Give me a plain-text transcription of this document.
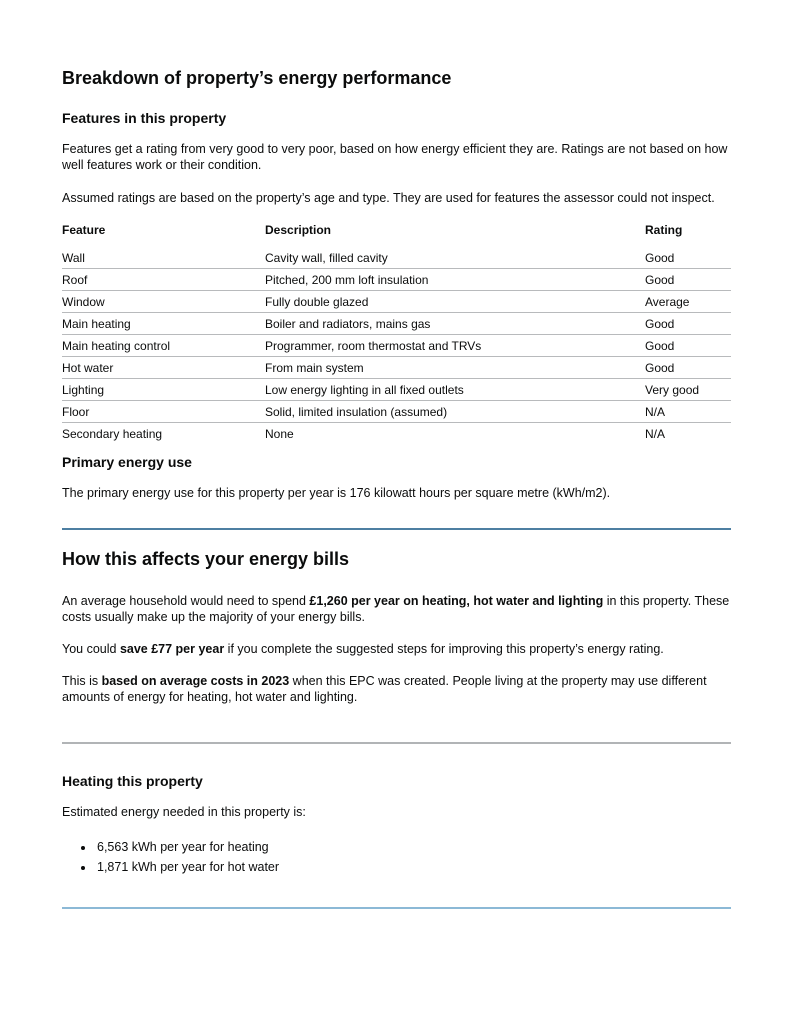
Breakdown of property’s energy performance
Features in this property

Features get a rating from very good to very poor, based on how energy efficient they are. Ratings are not based on how well features work or their condition.

Assumed ratings are based on the property’s age and type. They are used for features the assessor could not inspect.

Feature	Description	Rating
Wall	Cavity wall, filled cavity	Good
Roof	Pitched, 200 mm loft insulation	Good
Window	Fully double glazed	Average
Main heating	Boiler and radiators, mains gas	Good
Main heating control	Programmer, room thermostat and TRVs	Good
Hot water	From main system	Good
Lighting	Low energy lighting in all fixed outlets	Very good
Floor	Solid, limited insulation (assumed)	N/A
Secondary heating	None	N/A
Primary energy use

The primary energy use for this property per year is 176 kilowatt hours per square metre (kWh/m2).

How this affects your energy bills

An average household would need to spend £1,260 per year on heating, hot water and lighting in this property. These costs usually make up the majority of your energy bills.

You could save £77 per year if you complete the suggested steps for improving this property’s energy rating.

This is based on average costs in 2023 when this EPC was created. People living at the property may use different amounts of energy for heating, hot water and lighting.

Heating this property

Estimated energy needed in this property is:

• 6,563 kWh per year for heating
• 1,871 kWh per year for hot water
